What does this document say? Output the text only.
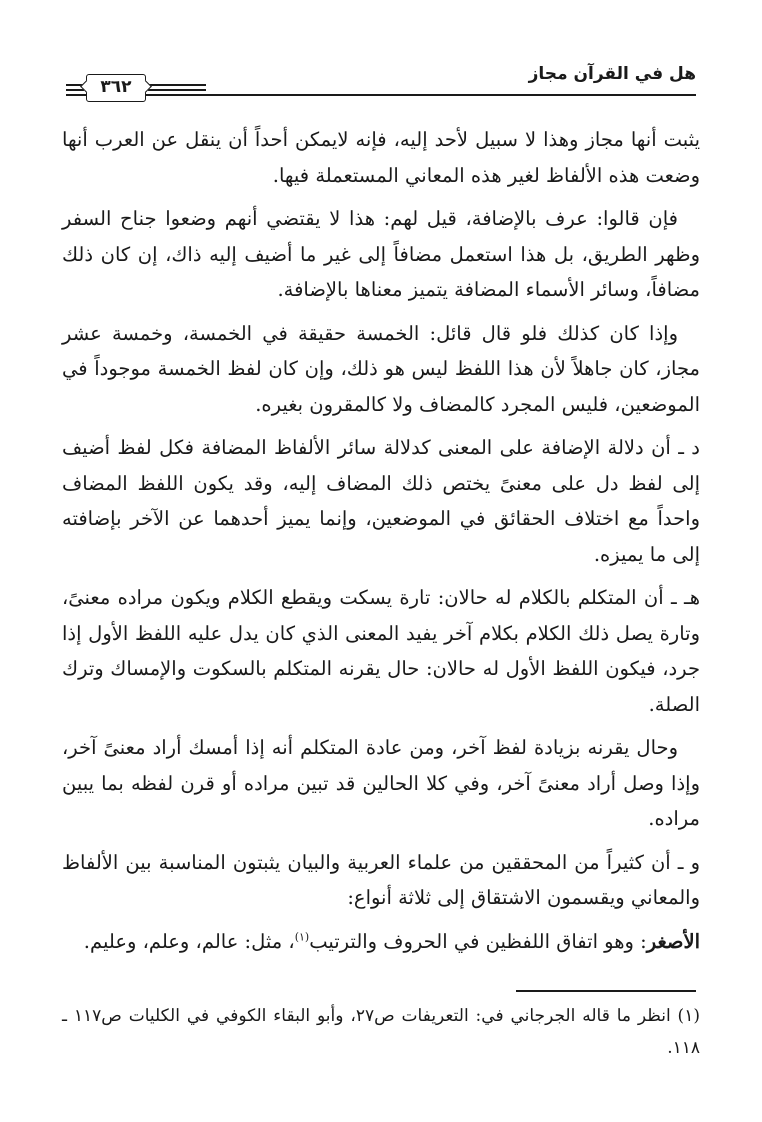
هل في القرآن مجاز
٣٦٢

يثبت أنها مجاز وهذا لا سبيل لأحد إليه، فإنه لايمكن أحداً أن ينقل عن العرب أنها وضعت هذه الألفاظ لغير هذه المعاني المستعملة فيها.

فإن قالوا: عرف بالإضافة، قيل لهم: هذا لا يقتضي أنهم وضعوا جناح السفر وظهر الطريق، بل هذا استعمل مضافاً إلى غير ما أضيف إليه ذاك، إن كان ذلك مضافاً، وسائر الأسماء المضافة يتميز معناها بالإضافة.

وإذا كان كذلك فلو قال قائل: الخمسة حقيقة في الخمسة، وخمسة عشر مجاز، كان جاهلاً لأن هذا اللفظ ليس هو ذلك، وإن كان لفظ الخمسة موجوداً في الموضعين، فليس المجرد كالمضاف ولا كالمقرون بغيره.

د ـ أن دلالة الإضافة على المعنى كدلالة سائر الألفاظ المضافة فكل لفظ أضيف إلى لفظ دل على معنىً يختص ذلك المضاف إليه، وقد يكون اللفظ المضاف واحداً مع اختلاف الحقائق في الموضعين، وإنما يميز أحدهما عن الآخر بإضافته إلى ما يميزه.

هـ ـ أن المتكلم بالكلام له حالان: تارة يسكت ويقطع الكلام ويكون مراده معنىً، وتارة يصل ذلك الكلام بكلام آخر يفيد المعنى الذي كان يدل عليه اللفظ الأول إذا جرد، فيكون اللفظ الأول له حالان: حال يقرنه المتكلم بالسكوت والإمساك وترك الصلة.

وحال يقرنه بزيادة لفظ آخر، ومن عادة المتكلم أنه إذا أمسك أراد معنىً آخر، وإذا وصل أراد معنىً آخر، وفي كلا الحالين قد تبين مراده أو قرن لفظه بما يبين مراده.

و ـ أن كثيراً من المحققين من علماء العربية والبيان يثبتون المناسبة بين الألفاظ والمعاني ويقسمون الاشتقاق إلى ثلاثة أنواع:

الأصغر: وهو اتفاق اللفظين في الحروف والترتيب$^{(١)}$، مثل: عالم، وعلم، وعليم.

(١) انظر ما قاله الجرجاني في: التعريفات ص٢٧، وأبو البقاء الكوفي في الكليات ص١١٧ ـ ١١٨.
